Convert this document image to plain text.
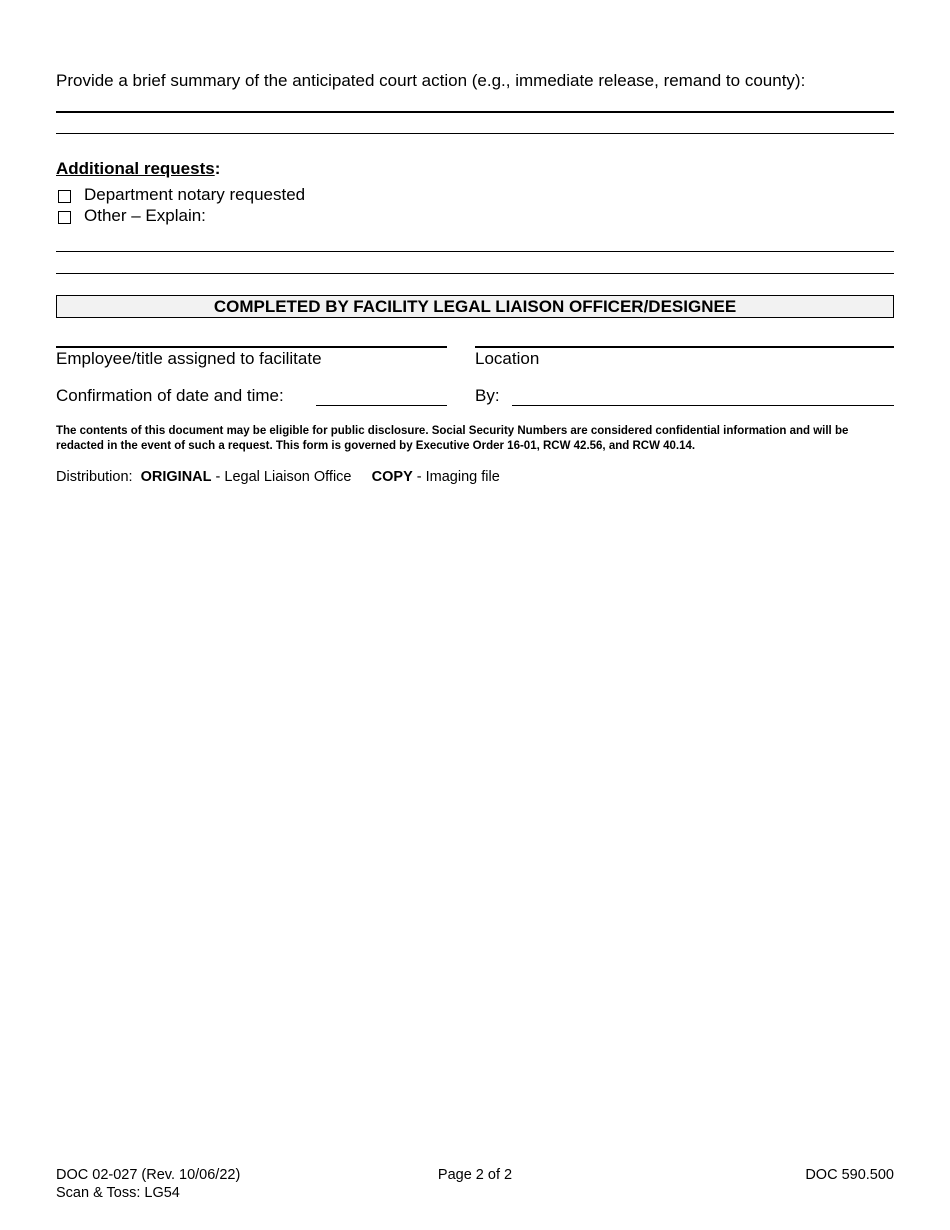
Provide a brief summary of the anticipated court action (e.g., immediate release, remand to county):
Additional requests:
Department notary requested
Other – Explain:
COMPLETED BY FACILITY LEGAL LIAISON OFFICER/DESIGNEE
Employee/title assigned to facilitate	Location
Confirmation of date and time:	By:
The contents of this document may be eligible for public disclosure. Social Security Numbers are considered confidential information and will be redacted in the event of such a request. This form is governed by Executive Order 16-01, RCW 42.56, and RCW 40.14.
Distribution: ORIGINAL - Legal Liaison Office COPY - Imaging file
DOC 02-027 (Rev. 10/06/22)
Scan & Toss: LG54
Page 2 of 2	DOC 590.500
